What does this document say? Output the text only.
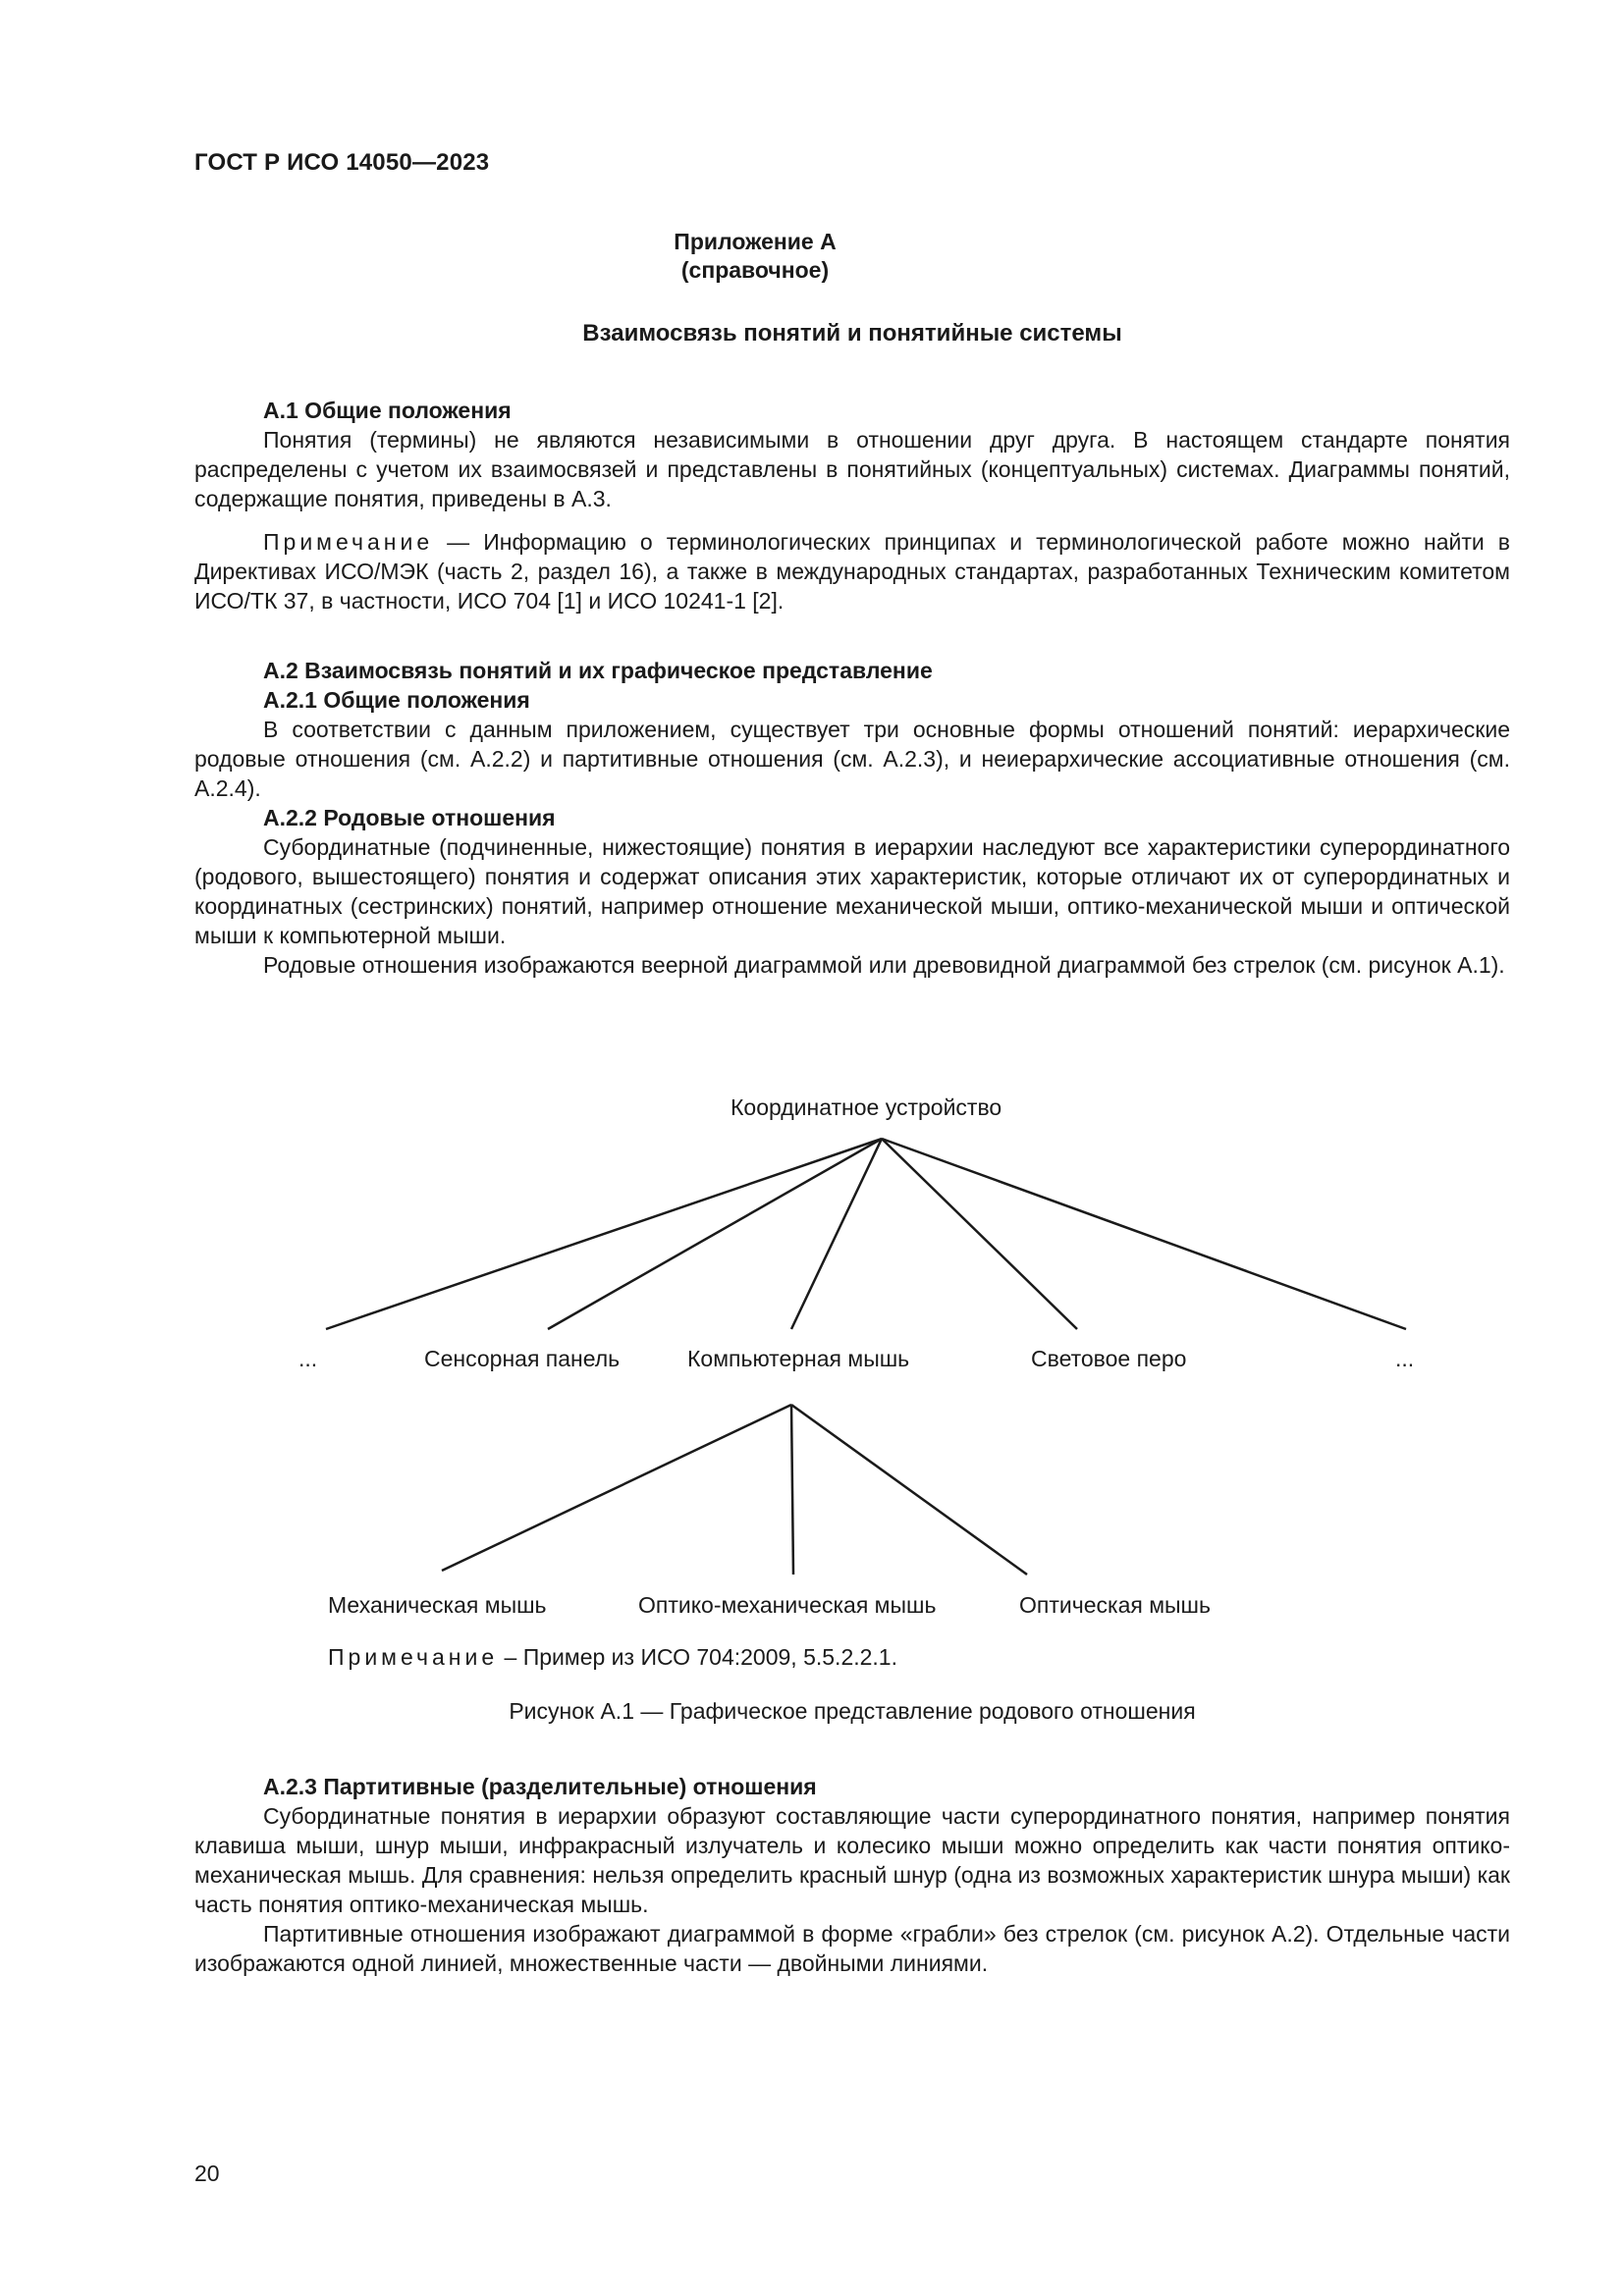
ГОСТ Р ИСО 14050—2023
Приложение А
(справочное)
Взаимосвязь понятий и понятийные системы

А.1 Общие положения

Понятия (термины) не являются независимыми в отношении друг друга. В настоящем стандарте понятия распределены с учетом их взаимосвязей и представлены в понятийных (концептуальных) системах. Диаграммы понятий, содержащие понятия, приведены в А.3.

Примечание — Информацию о терминологических принципах и терминологической работе можно найти в Директивах ИСО/МЭК (часть 2, раздел 16), а также в международных стандартах, разработанных Техническим комитетом ИСО/ТК 37, в частности, ИСО 704 [1] и ИСО 10241-1 [2].

А.2 Взаимосвязь понятий и их графическое представление

А.2.1 Общие положения

В соответствии с данным приложением, существует три основные формы отношений понятий: иерархические родовые отношения (см. А.2.2) и партитивные отношения (см. А.2.3), и неиерархические ассоциативные отношения (см. А.2.4).

А.2.2 Родовые отношения

Субординатные (подчиненные, нижестоящие) понятия в иерархии наследуют все характеристики суперординатного (родового, вышестоящего) понятия и содержат описания этих характеристик, которые отличают их от суперординатных и координатных (сестринских) понятий, например отношение механической мыши, оптико-механической мыши и оптической мыши к компьютерной мыши.

Родовые отношения изображаются веерной диаграммой или древовидной диаграммой без стрелок (см. рисунок А.1).

Координатное устройство
...	Сенсорная панель	Компьютерная мышь	Световое перо	...
Механическая мышь	Оптико-механическая мышь	Оптическая мышь
Примечание – Пример из ИСО 704:2009, 5.5.2.2.1.
Рисунок А.1 — Графическое представление родового отношения

А.2.3 Партитивные (разделительные) отношения

Субординатные понятия в иерархии образуют составляющие части суперординатного понятия, например понятия клавиша мыши, шнур мыши, инфракрасный излучатель и колесико мыши можно определить как части понятия оптико-механическая мышь. Для сравнения: нельзя определить красный шнур (одна из возможных характеристик шнура мыши) как часть понятия оптико-механическая мышь.

Партитивные отношения изображают диаграммой в форме «грабли» без стрелок (см. рисунок А.2). Отдельные части изображаются одной линией, множественные части — двойными линиями.

20
